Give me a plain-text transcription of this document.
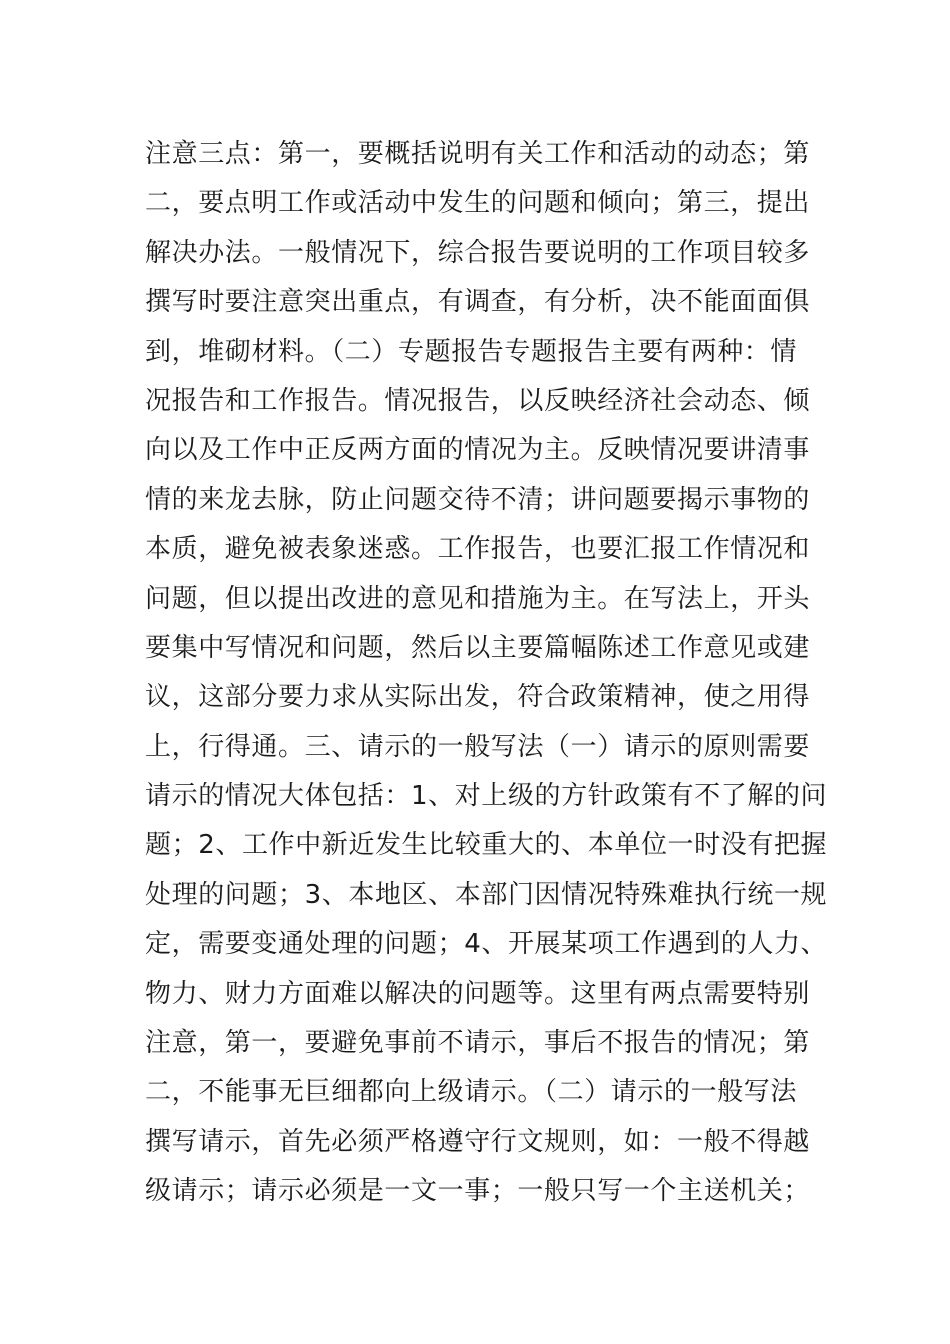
注意三点：第一，要概括说明有关工作和活动的动态；第
二，要点明工作或活动中发生的问题和倾向；第三，提出
解决办法。一般情况下，综合报告要说明的工作项目较多
撰写时要注意突出重点，有调查，有分析，决不能面面俱
到，堆砌材料。（二）专题报告专题报告主要有两种：情
况报告和工作报告。情况报告，以反映经济社会动态、倾
向以及工作中正反两方面的情况为主。反映情况要讲清事
情的来龙去脉，防止问题交待不清；讲问题要揭示事物的
本质，避免被表象迷惑。工作报告，也要汇报工作情况和
问题，但以提出改进的意见和措施为主。在写法上，开头
要集中写情况和问题，然后以主要篇幅陈述工作意见或建
议，这部分要力求从实际出发，符合政策精神，使之用得
上，行得通。三、请示的一般写法（一）请示的原则需要
请示的情况大体包括：1、对上级的方针政策有不了解的问
题；2、工作中新近发生比较重大的、本单位一时没有把握
处理的问题；3、本地区、本部门因情况特殊难执行统一规
定，需要变通处理的问题；4、开展某项工作遇到的人力、
物力、财力方面难以解决的问题等。这里有两点需要特别
注意，第一，要避免事前不请示，事后不报告的情况；第
二，不能事无巨细都向上级请示。（二）请示的一般写法
撰写请示，首先必须严格遵守行文规则，如：一般不得越
级请示；请示必须是一文一事；一般只写一个主送机关；
